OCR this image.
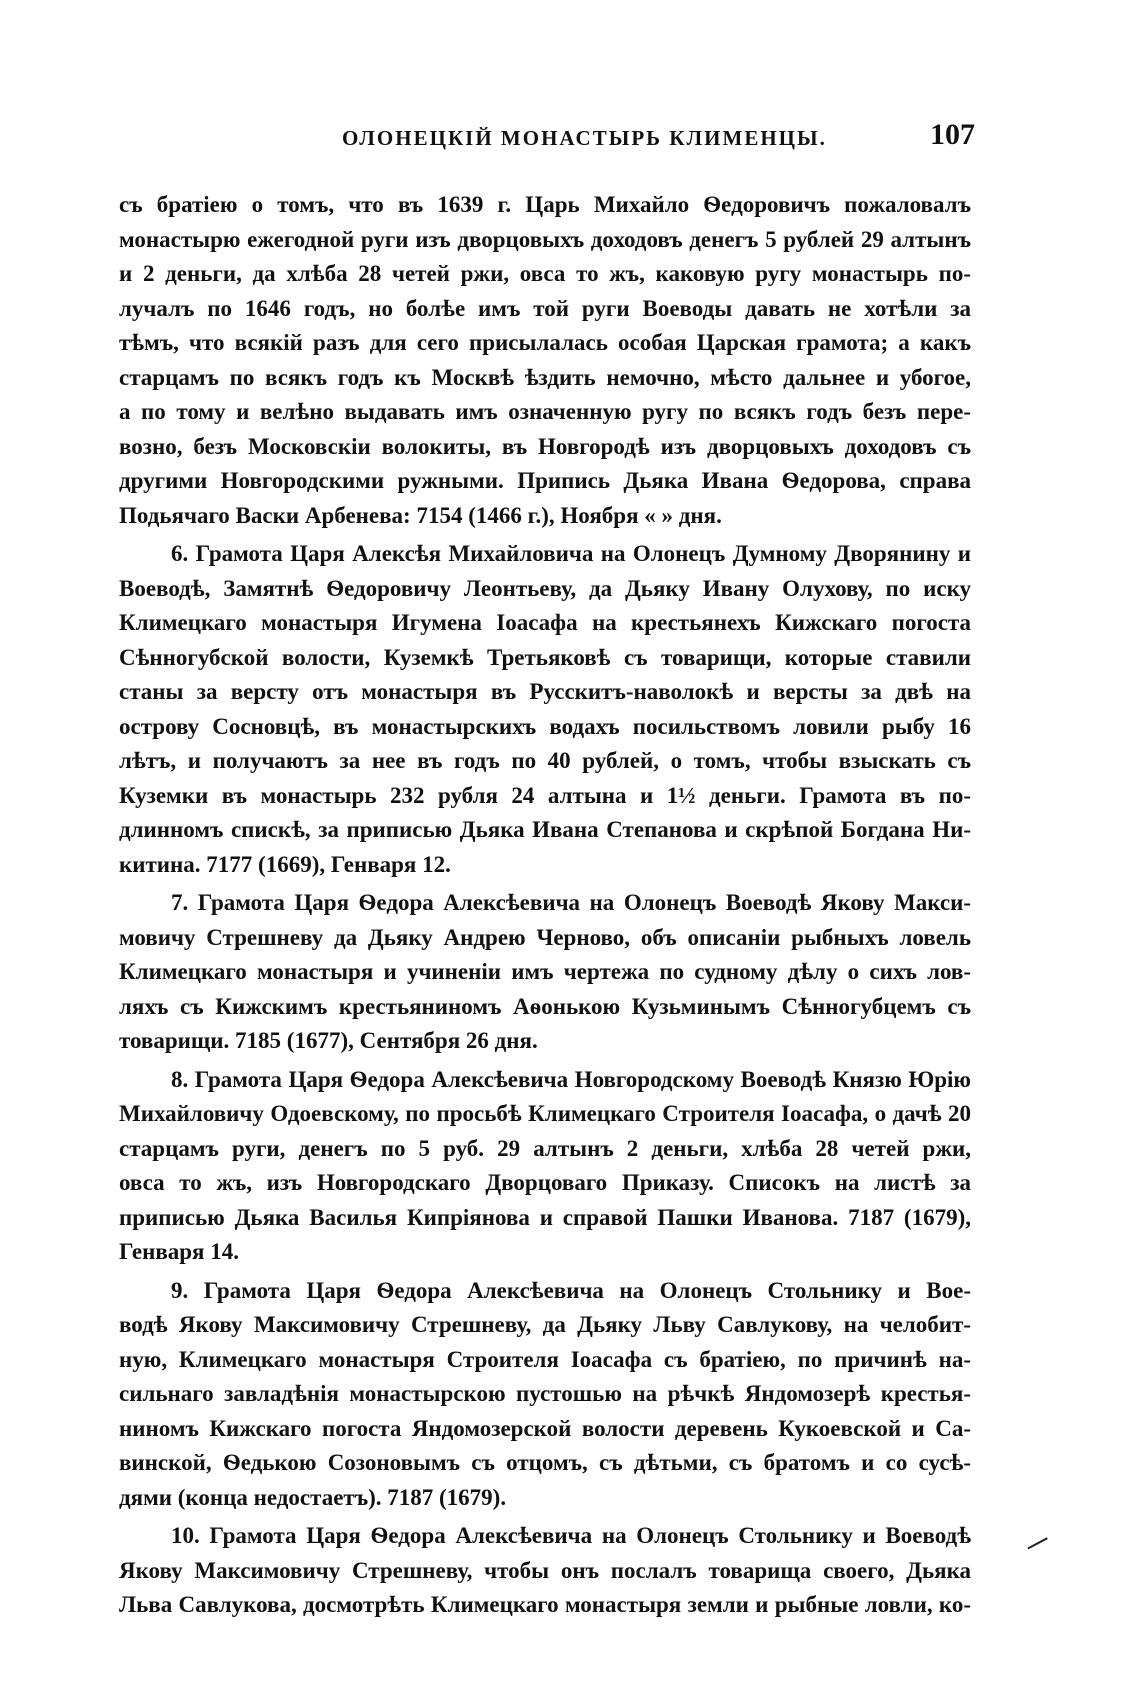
ОЛОНЕЦКІЙ МОНАСТЫРЬ КЛИМЕНЦЫ.	107
съ братіею о томъ, что въ 1639 г. Царь Михайло Ѳедоровичъ пожаловалъ
монастырю ежегодной руги изъ дворцовыхъ доходовъ денегъ 5 рублей 29 алтынъ
и 2 деньги, да хлѣба 28 четей ржи, овса то жъ, каковую ругу монастырь по-
лучалъ по 1646 годъ, но болѣе имъ той руги Воеводы давать не хотѣли за
тѣмъ, что всякій разъ для сего присылалась особая Царская грамота; а какъ
старцамъ по всякъ годъ къ Москвѣ ѣздить немочно, мѣсто дальнее и убогое,
а по тому и велѣно выдавать имъ означенную ругу по всякъ годъ безъ пере-
возно, безъ Московскіи волокиты, въ Новгородѣ изъ дворцовыхъ доходовъ съ
другими Новгородскими ружными. Припись Дьяка Ивана Ѳедорова, справа
Подьячаго Васки Арбенева: 7154 (1466 г.), Ноября « » дня.
6. Грамота Царя Алексѣя Михайловича на Олонецъ Думному Дворянину и
Воеводѣ, Замятнѣ Ѳедоровичу Леонтьеву, да Дьяку Ивану Олухову, по иску
Климецкаго монастыря Игумена Іоасафа на крестьянехъ Кижскаго погоста
Сѣнногубской волости, Куземкѣ Третьяковѣ съ товарищи, которые ставили
станы за версту отъ монастыря въ Русскитъ-наволокѣ и версты за двѣ на
острову Сосновцѣ, въ монастырскихъ водахъ посильствомъ ловили рыбу 16
лѣтъ, и получаютъ за нее въ годъ по 40 рублей, о томъ, чтобы взыскать съ
Куземки въ монастырь 232 рубля 24 алтына и 1½ деньги. Грамота въ по-
длинномъ спискѣ, за приписью Дьяка Ивана Степанова и скрѣпой Богдана Ни-
китина. 7177 (1669), Генваря 12.
7. Грамота Царя Ѳедора Алексѣевича на Олонецъ Воеводѣ Якову Макси-
мовичу Стрешневу да Дьяку Андрею Черново, объ описаніи рыбныхъ ловель
Климецкаго монастыря и учиненіи имъ чертежа по судному дѣлу о сихъ лов-
ляхъ съ Кижскимъ крестьяниномъ Аѳонькою Кузьминымъ Сѣнногубцемъ съ
товарищи. 7185 (1677), Сентября 26 дня.
8. Грамота Царя Ѳедора Алексѣевича Новгородскому Воеводѣ Князю Юрію
Михайловичу Одоевскому, по просьбѣ Климецкаго Строителя Іоасафа, о дачѣ 20
старцамъ руги, денегъ по 5 руб. 29 алтынъ 2 деньги, хлѣба 28 четей ржи,
овса то жъ, изъ Новгородскаго Дворцоваго Приказу. Списокъ на листѣ за
приписью Дьяка Василья Кипріянова и справой Пашки Иванова. 7187 (1679),
Генваря 14.
9. Грамота Царя Ѳедора Алексѣевича на Олонецъ Стольнику и Вое-
водѣ Якову Максимовичу Стрешневу, да Дьяку Льву Савлукову, на челобит-
ную, Климецкаго монастыря Строителя Іоасафа съ братіею, по причинѣ на-
сильнаго завладѣнія монастырскою пустошью на рѣчкѣ Яндомозерѣ крестья-
ниномъ Кижскаго погоста Яндомозерской волости деревень Кукоевской и Са-
винской, Ѳедькою Созоновымъ съ отцомъ, съ дѣтьми, съ братомъ и со сусѣ-
дями (конца недостаетъ). 7187 (1679).
10. Грамота Царя Ѳедора Алексѣевича на Олонецъ Стольнику и Воеводѣ
Якову Максимовичу Стрешневу, чтобы онъ послалъ товарища своего, Дьяка
Льва Савлукова, досмотрѣть Климецкаго монастыря земли и рыбные ловли, ко-
